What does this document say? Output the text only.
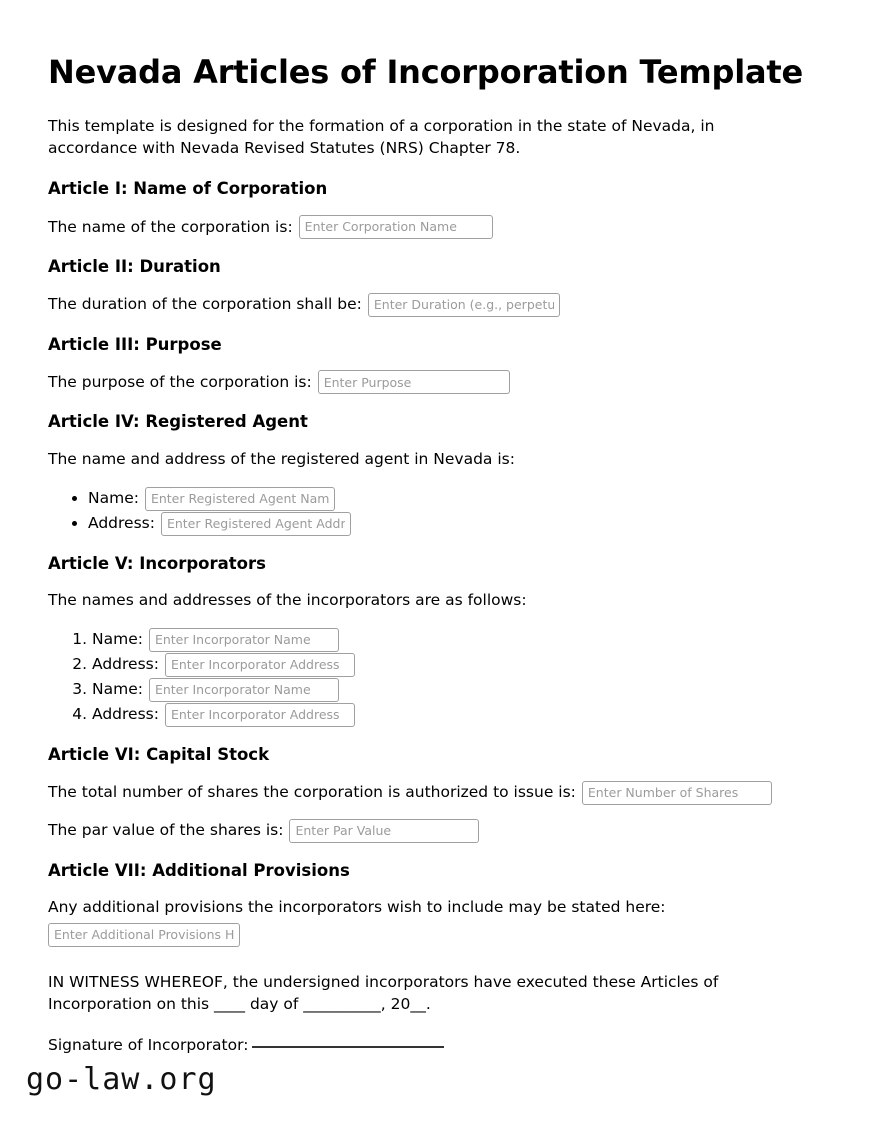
Nevada Articles of Incorporation Template

This template is designed for the formation of a corporation in the state of Nevada, in accordance with Nevada Revised Statutes (NRS) Chapter 78.

Article I: Name of Corporation
The name of the corporation is:
Enter Corporation Name
Article II: Duration
The duration of the corporation shall be:
Enter Duration (e.g., perpetual)
Article III: Purpose
The purpose of the corporation is:
Enter Purpose
Article IV: Registered Agent

The name and address of the registered agent in Nevada is:

• Name:
Enter Registered Agent Name
• Address:
Enter Registered Agent Address
Article V: Incorporators

The names and addresses of the incorporators are as follows:

1. Name:
Enter Incorporator Name
2. Address:
Enter Incorporator Address
3. Name:
Enter Incorporator Name
4. Address:
Enter Incorporator Address
Article VI: Capital Stock
The total number of shares the corporation is authorized to issue is:
Enter Number of Shares
The par value of the shares is:
Enter Par Value
Article VII: Additional Provisions
Any additional provisions the incorporators wish to include may be stated here:
Enter Additional Provisions Here

IN WITNESS WHEREOF, the undersigned incorporators have executed these Articles of Incorporation on this ____ day of __________, 20__.

Signature of Incorporator:

go-law.org
